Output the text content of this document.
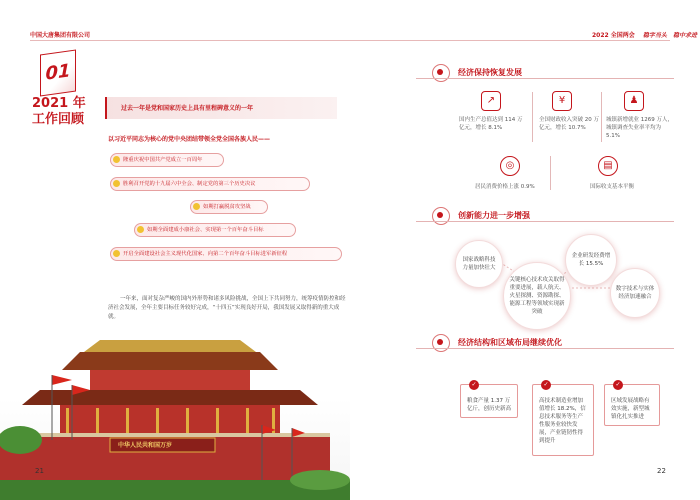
中国大唐集团有限公司	2022 全国两会 稳字当头 稳中求进
01
2021 年
工作回顾
过去一年是党和国家历史上具有里程碑意义的一年
以习近平同志为核心的党中央团结带领全党全国各族人民——
隆重庆祝中国共产党成立一百周年
胜利召开党的十九届六中全会、制定党的第三个历史决议
如期打赢脱贫攻坚战
如期全面建成小康社会、实现第一个百年奋斗目标
开启全面建设社会主义现代化国家、向第二个百年奋斗目标进军新征程
一年来，面对复杂严峻的国内外形势和诸多风险挑战，全国上下共同努力，统筹疫情防控和经济社会发展，全年主要目标任务较好完成，“十四五”实现良好开局，我国发展又取得新的重大成就。
中华人民共和国万岁
21
经济保持恢复发展
↗
国内生产总值达到 114 万亿元，增长 8.1%
¥
全国财政收入突破 20 万亿元，增长 10.7%
♟
城镇新增就业 1269 万人，城镇调查失业率平均为 5.1%
◎
居民消费价格上涨 0.9%
▤
国际收支基本平衡
创新能力进一步增强
国家战略科技力量加快壮大
企业研发经费增长 15.5%
关键核心技术攻关取得重要进展，载人航天、火星探测、资源勘探、能源工程等领域实现新突破
数字技术与实体经济加速融合
经济结构和区域布局继续优化
✓
粮食产量 1.37 万亿斤，创历史新高
✓
高技术制造业增加值增长 18.2%，信息技术服务等生产性服务业较快发展，产业链韧性得到提升
✓
区域发展战略有效实施，新型城镇化扎实推进
22
